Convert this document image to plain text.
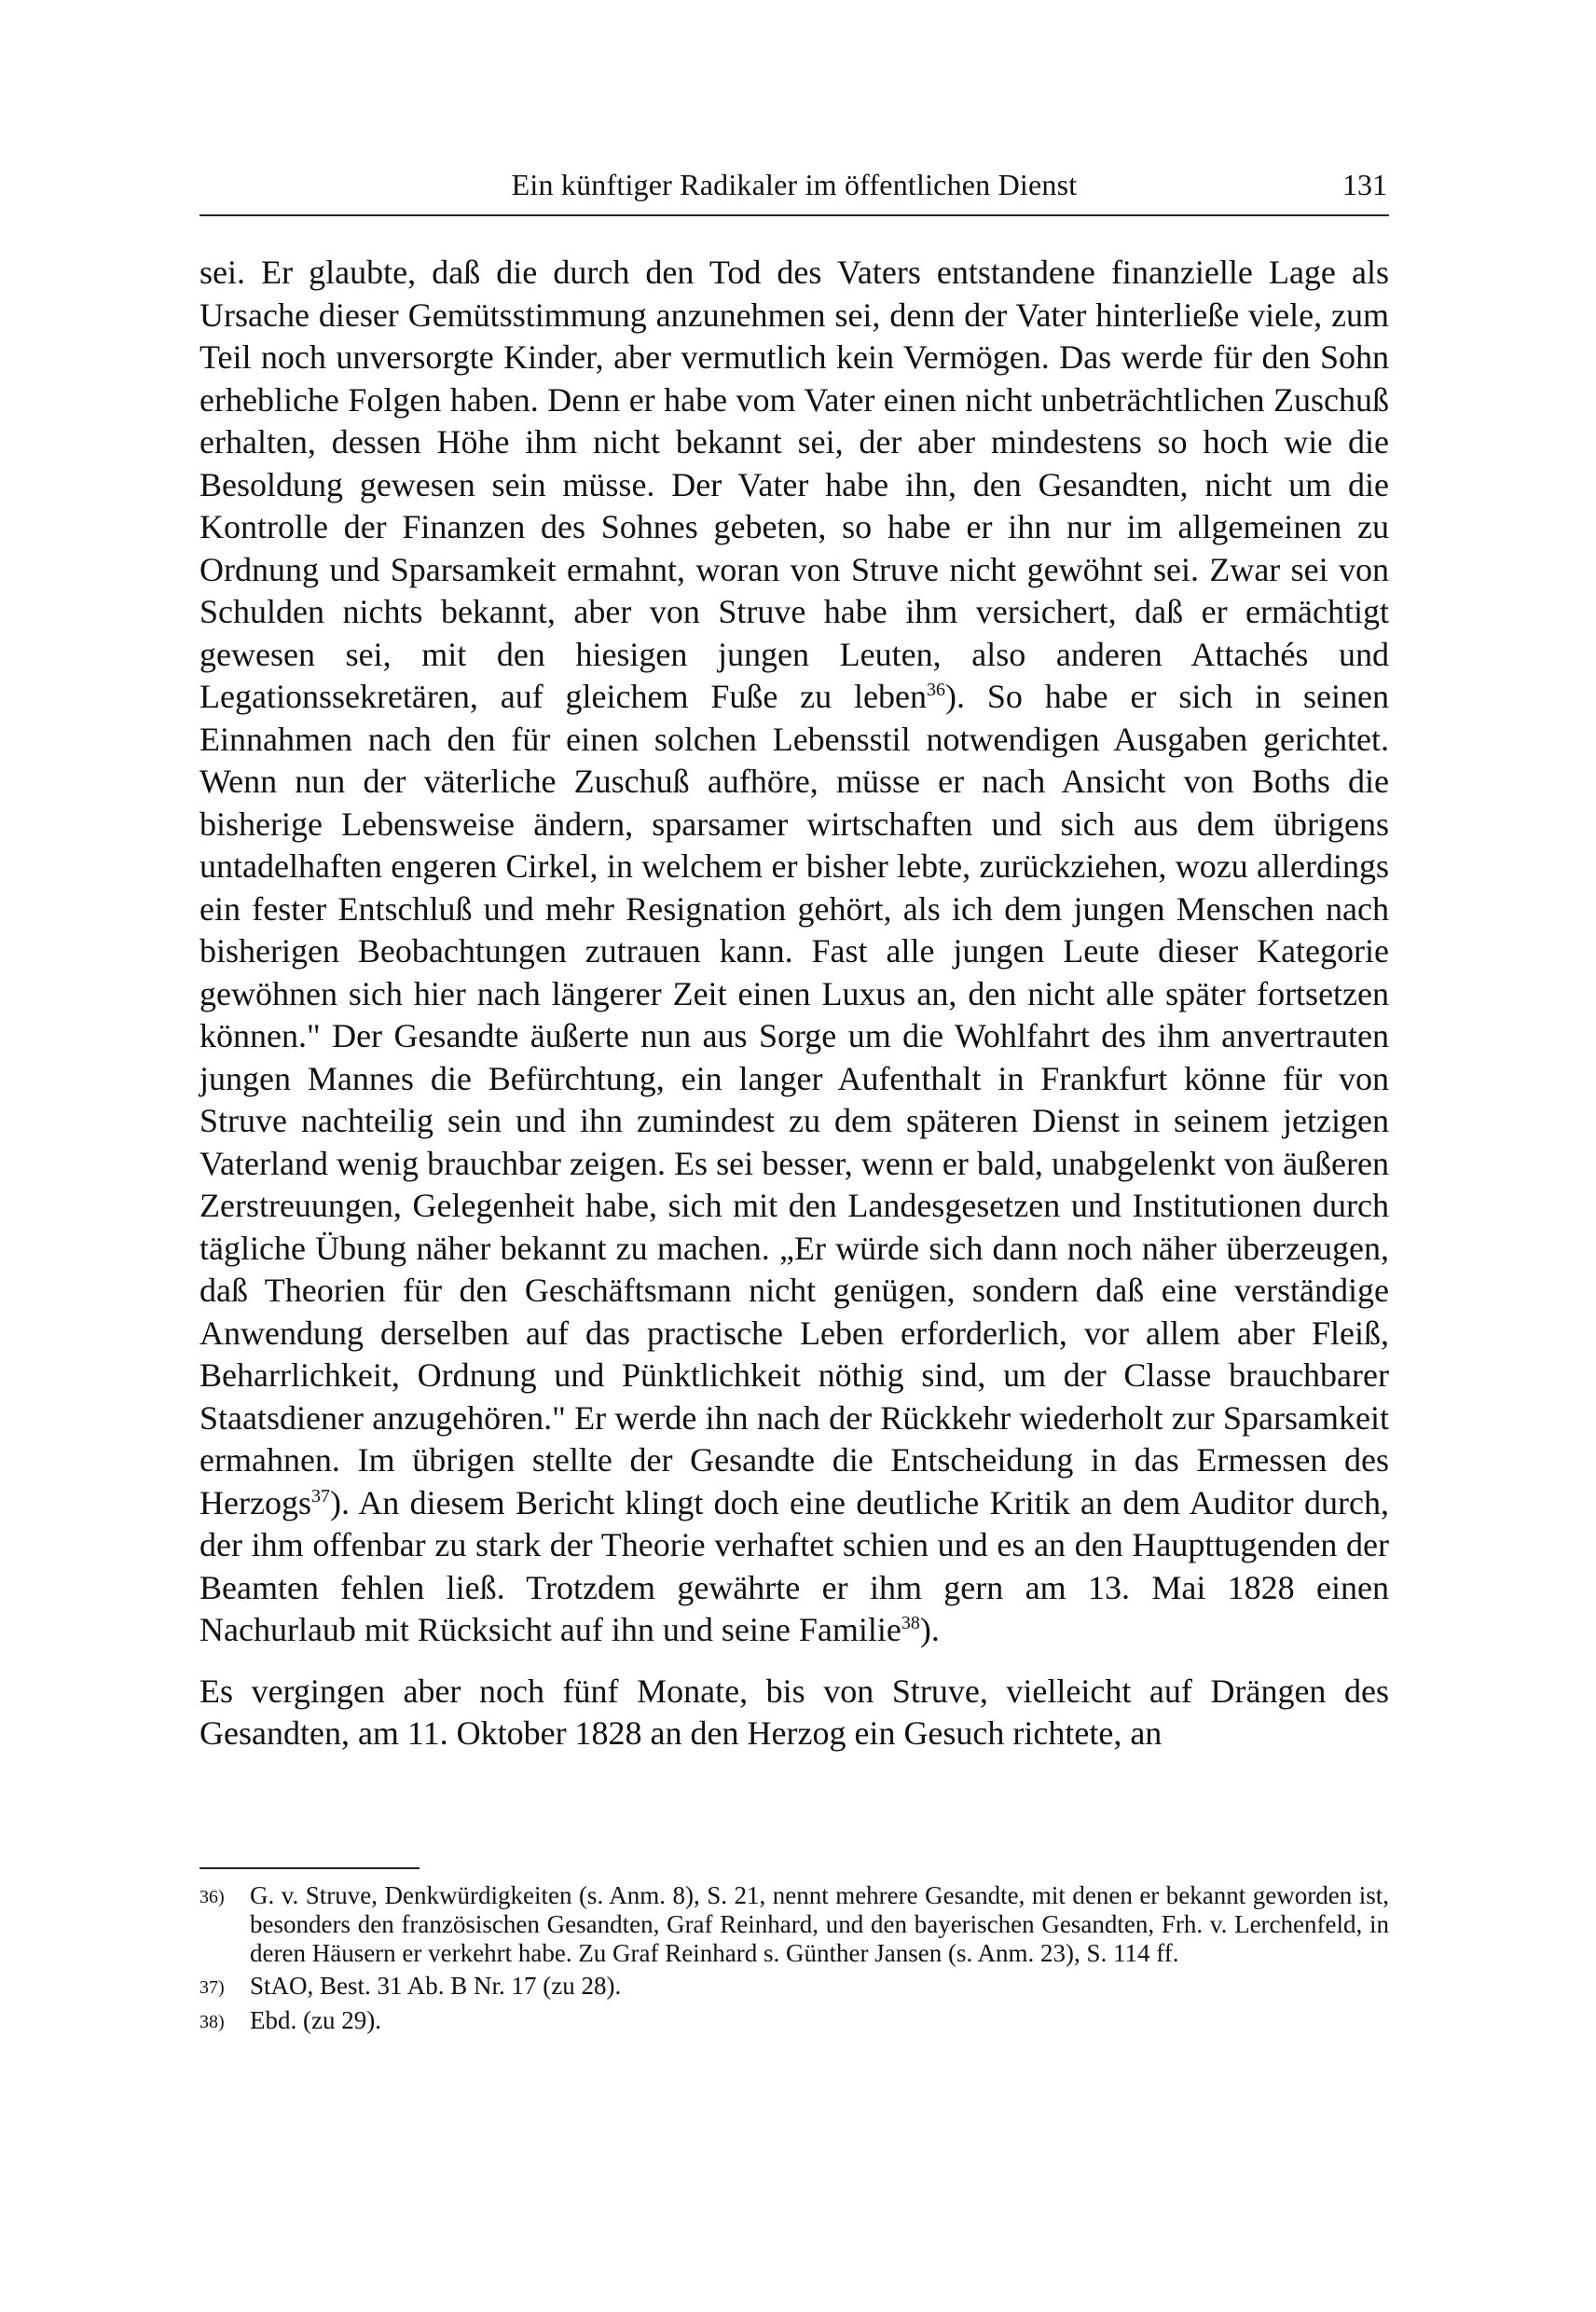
Ein künftiger Radikaler im öffentlichen Dienst	131

sei. Er glaubte, daß die durch den Tod des Vaters entstandene finanzielle Lage als Ursache dieser Gemütsstimmung anzunehmen sei, denn der Vater hinterließe viele, zum Teil noch unversorgte Kinder, aber vermutlich kein Vermögen. Das werde für den Sohn erhebliche Folgen haben. Denn er habe vom Vater einen nicht unbeträchtlichen Zuschuß erhalten, dessen Höhe ihm nicht bekannt sei, der aber mindestens so hoch wie die Besoldung gewesen sein müsse. Der Vater habe ihn, den Gesandten, nicht um die Kontrolle der Finanzen des Sohnes gebeten, so habe er ihn nur im allgemeinen zu Ordnung und Sparsamkeit ermahnt, woran von Struve nicht gewöhnt sei. Zwar sei von Schulden nichts bekannt, aber von Struve habe ihm versichert, daß er ermächtigt gewesen sei, mit den hiesigen jungen Leuten, also anderen Attachés und Legationssekretären, auf gleichem Fuße zu leben$^{36}$). So habe er sich in seinen Einnahmen nach den für einen solchen Lebensstil notwendigen Ausgaben gerichtet. Wenn nun der väterliche Zuschuß aufhöre, müsse er nach Ansicht von Boths die bisherige Lebensweise ändern, sparsamer wirtschaften und sich aus dem übrigens untadelhaften engeren Cirkel, in welchem er bisher lebte, zurückziehen, wozu allerdings ein fester Entschluß und mehr Resignation gehört, als ich dem jungen Menschen nach bisherigen Beobachtungen zutrauen kann. Fast alle jungen Leute dieser Kategorie gewöhnen sich hier nach längerer Zeit einen Luxus an, den nicht alle später fortsetzen können." Der Gesandte äußerte nun aus Sorge um die Wohlfahrt des ihm anvertrauten jungen Mannes die Befürchtung, ein langer Aufenthalt in Frankfurt könne für von Struve nachteilig sein und ihn zumindest zu dem späteren Dienst in seinem jetzigen Vaterland wenig brauchbar zeigen. Es sei besser, wenn er bald, unabgelenkt von äußeren Zerstreuungen, Gelegenheit habe, sich mit den Landesgesetzen und Institutionen durch tägliche Übung näher bekannt zu machen. „Er würde sich dann noch näher überzeugen, daß Theorien für den Geschäftsmann nicht genügen, sondern daß eine verständige Anwendung derselben auf das practische Leben erforderlich, vor allem aber Fleiß, Beharrlichkeit, Ordnung und Pünktlichkeit nöthig sind, um der Classe brauchbarer Staatsdiener anzugehören." Er werde ihn nach der Rückkehr wiederholt zur Sparsamkeit ermahnen. Im übrigen stellte der Gesandte die Entscheidung in das Ermessen des Herzogs$^{37}$). An diesem Bericht klingt doch eine deutliche Kritik an dem Auditor durch, der ihm offenbar zu stark der Theorie verhaftet schien und es an den Haupttugenden der Beamten fehlen ließ. Trotzdem gewährte er ihm gern am 13. Mai 1828 einen Nachurlaub mit Rücksicht auf ihn und seine Familie$^{38}$).

Es vergingen aber noch fünf Monate, bis von Struve, vielleicht auf Drängen des Gesandten, am 11. Oktober 1828 an den Herzog ein Gesuch richtete, an

36)	G. v. Struve, Denkwürdigkeiten (s. Anm. 8), S. 21, nennt mehrere Gesandte, mit denen er bekannt geworden ist, besonders den französischen Gesandten, Graf Reinhard, und den bayerischen Gesandten, Frh. v. Lerchenfeld, in deren Häusern er verkehrt habe. Zu Graf Reinhard s. Günther Jansen (s. Anm. 23), S. 114 ff.
37)	StAO, Best. 31 Ab. B Nr. 17 (zu 28).
38)	Ebd. (zu 29).
